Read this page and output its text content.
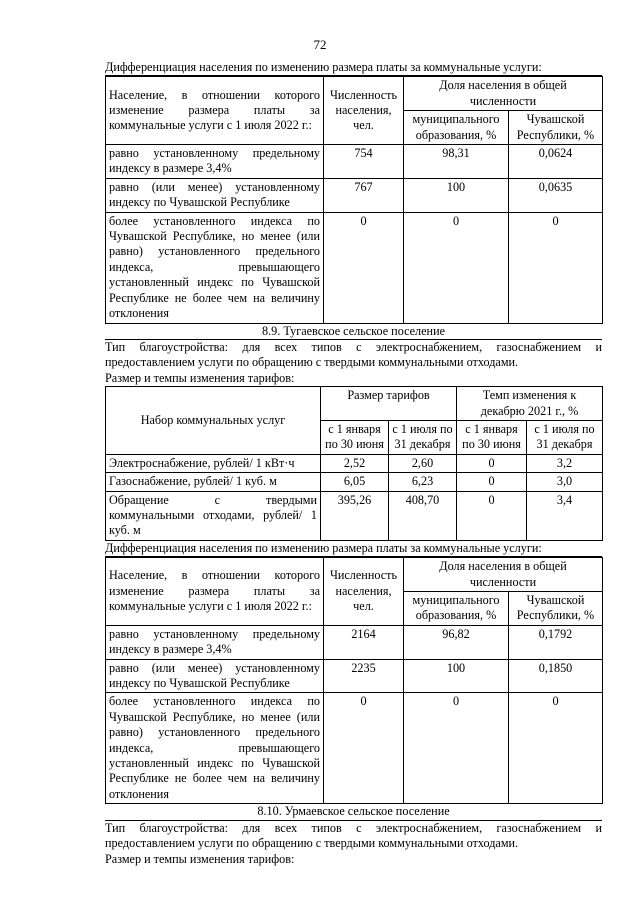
72
Дифференциация населения по изменению размера платы за коммунальные услуги:
Население, в отношении которого изменение размера платы за коммунальные услуги с 1 июля 2022 г.:	Численность населения, чел.	Доля населения в общей численности	
		муниципального образования, %	Чувашской Республики, %
равно установленному предельному индексу в размере 3,4%	754	98,31	0,0624
равно (или менее) установленному индексу по Чувашской Республике	767	100	0,0635
более установленного индекса по Чувашской Республике, но менее (или равно) установленного предельного индекса, превышающего установленный индекс по Чувашской Республике не более чем на величину отклонения	0	0	0
8.9. Тугаевское сельское поселение
Тип благоустройства: для всех типов с электроснабжением, газоснабжением и предоставлением услуги по обращению с твердыми коммунальными отходами.
Размер и темпы изменения тарифов:
Набор коммунальных услуг	Размер тарифов		Темп изменения к декабрю 2021 г., %	
	с 1 января по 30 июня	с 1 июля по 31 декабря	с 1 января по 30 июня	с 1 июля по 31 декабря
Электроснабжение, рублей/ 1 кВт·ч	2,52	2,60	0	3,2
Газоснабжение, рублей/ 1 куб. м	6,05	6,23	0	3,0
Обращение с твердыми коммунальными отходами, рублей/ 1 куб. м	395,26	408,70	0	3,4
Дифференциация населения по изменению размера платы за коммунальные услуги:
Население, в отношении которого изменение размера платы за коммунальные услуги с 1 июля 2022 г.:	Численность населения, чел.	Доля населения в общей численности	
		муниципального образования, %	Чувашской Республики, %
равно установленному предельному индексу в размере 3,4%	2164	96,82	0,1792
равно (или менее) установленному индексу по Чувашской Республике	2235	100	0,1850
более установленного индекса по Чувашской Республике, но менее (или равно) установленного предельного индекса, превышающего установленный индекс по Чувашской Республике не более чем на величину отклонения	0	0	0
8.10. Урмаевское сельское поселение
Тип благоустройства: для всех типов с электроснабжением, газоснабжением и предоставлением услуги по обращению с твердыми коммунальными отходами.
Размер и темпы изменения тарифов:
